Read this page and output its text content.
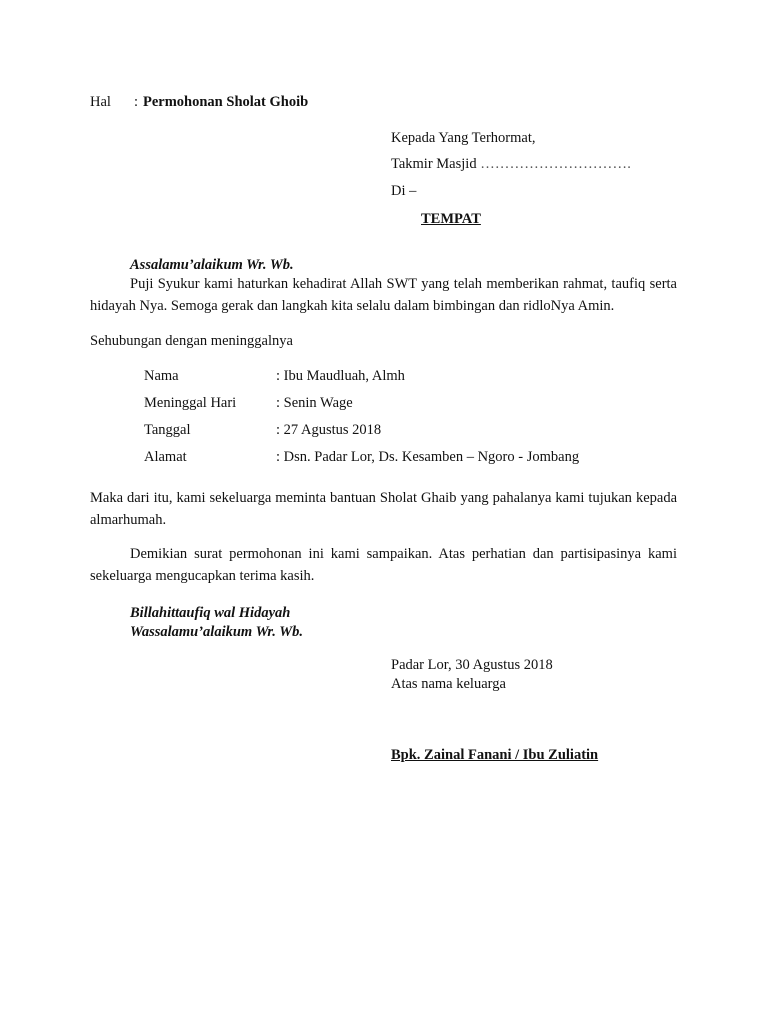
Hal : Permohonan Sholat Ghoib
Kepada Yang Terhormat,
Takmir Masjid ………………………….
Di –
TEMPAT
Assalamu’alaikum Wr. Wb.
Puji Syukur kami haturkan kehadirat Allah SWT yang telah memberikan rahmat, taufiq serta hidayah Nya. Semoga gerak dan langkah kita selalu dalam bimbingan dan ridloNya Amin.
Sehubungan dengan meninggalnya
Nama	: Ibu Maudluah, Almh
Meninggal Hari	: Senin Wage
Tanggal	: 27 Agustus 2018
Alamat	: Dsn. Padar Lor, Ds. Kesamben – Ngoro - Jombang
Maka dari itu, kami sekeluarga meminta bantuan Sholat Ghaib yang pahalanya kami tujukan kepada almarhumah.
Demikian surat permohonan ini kami sampaikan. Atas perhatian dan partisipasinya kami sekeluarga mengucapkan terima kasih.
Billahittaufiq wal Hidayah
Wassalamu’alaikum Wr. Wb.
Padar Lor, 30 Agustus 2018
Atas nama keluarga
Bpk. Zainal Fanani / Ibu Zuliatin
